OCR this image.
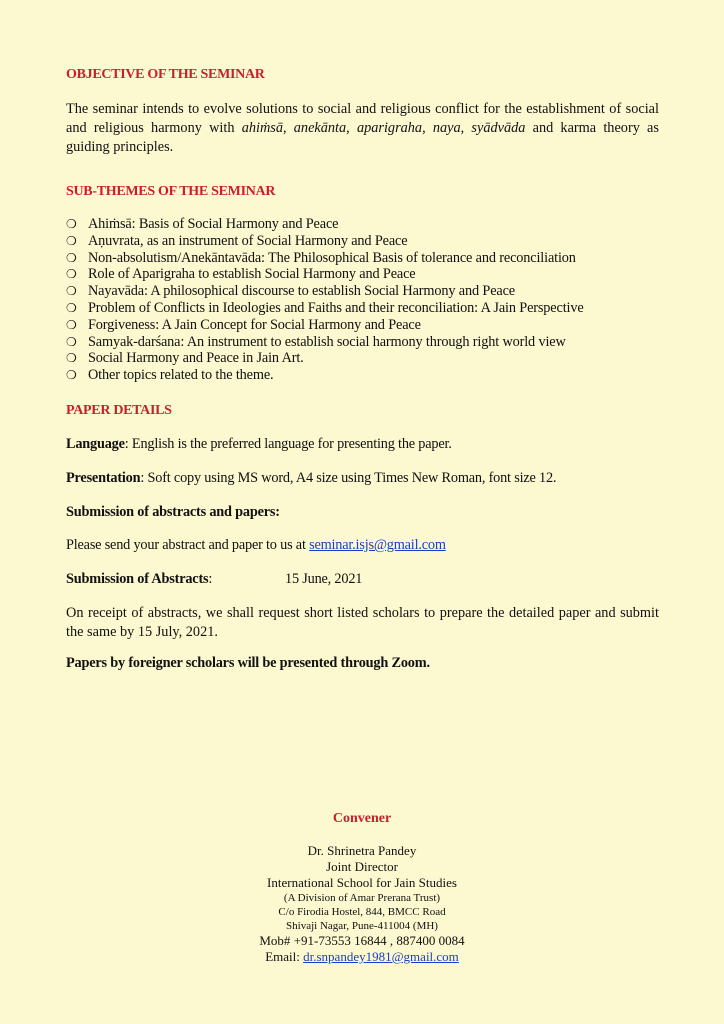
OBJECTIVE OF THE SEMINAR
The seminar intends to evolve solutions to social and religious conflict for the establishment of social and religious harmony with ahiṁsā, anekānta, aparigraha, naya, syādvāda and karma theory as guiding principles.
SUB-THEMES OF THE SEMINAR
❍ Ahiṁsā: Basis of Social Harmony and Peace
❍ Aṇuvrata, as an instrument of Social Harmony and Peace
❍ Non-absolutism/Anekāntavāda: The Philosophical Basis of tolerance and reconciliation
❍ Role of Aparigraha to establish Social Harmony and Peace
❍ Nayavāda: A philosophical discourse to establish Social Harmony and Peace
❍ Problem of Conflicts in Ideologies and Faiths and their reconciliation: A Jain Perspective
❍ Forgiveness: A Jain Concept for Social Harmony and Peace
❍ Samyak-darśana: An instrument to establish social harmony through right world view
❍ Social Harmony and Peace in Jain Art.
❍ Other topics related to the theme.
PAPER DETAILS
Language: English is the preferred language for presenting the paper.
Presentation: Soft copy using MS word, A4 size using Times New Roman, font size 12.
Submission of abstracts and papers:
Please send your abstract and paper to us at seminar.isjs@gmail.com
Submission of Abstracts:	15 June, 2021
On receipt of abstracts, we shall request short listed scholars to prepare the detailed paper and submit the same by 15 July, 2021.
Papers by foreigner scholars will be presented through Zoom.
Convener
Dr. Shrinetra Pandey
Joint Director
International School for Jain Studies
(A Division of Amar Prerana Trust)
C/o Firodia Hostel, 844, BMCC Road
Shivaji Nagar, Pune-411004 (MH)
Mob# +91-73553 16844 , 887400 0084
Email: dr.snpandey1981@gmail.com
